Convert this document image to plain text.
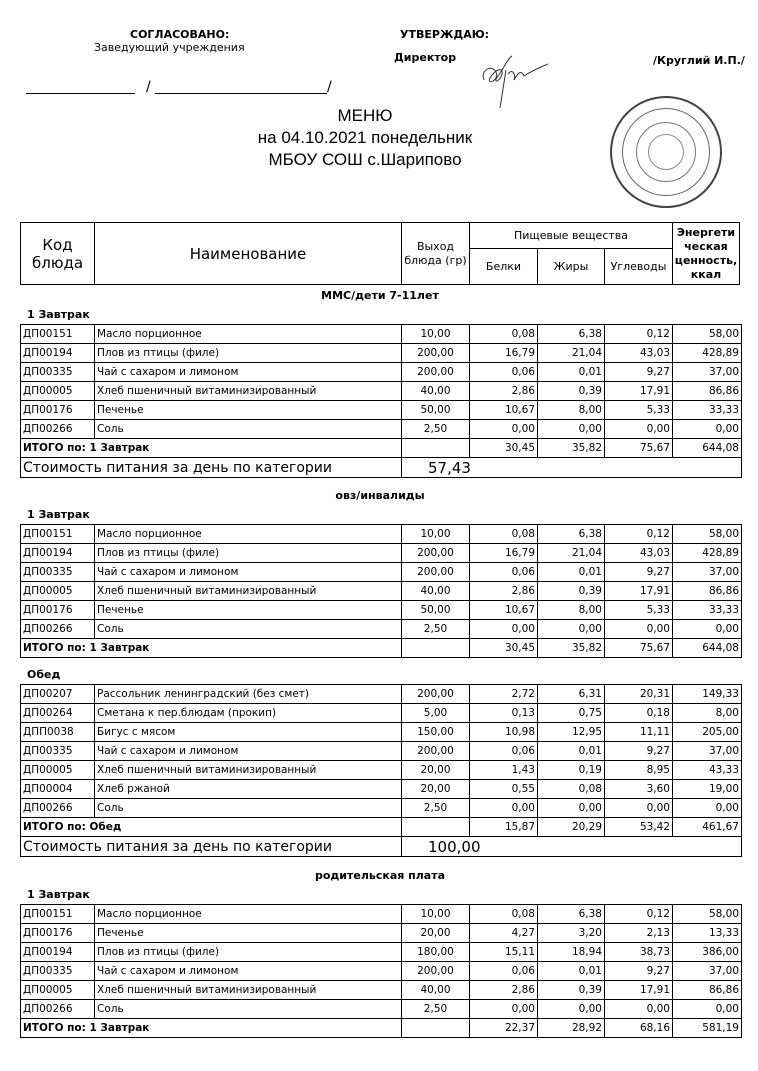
СОГЛАСОВАНО:
Заведующий учреждения
/	/
УТВЕРЖДАЮ:
Директор	/Круглий И.П./
МЕНЮ
на 04.10.2021 понедельник
МБОУ СОШ с.Шарипово
Код блюда	Наименование	Выход блюда (гр)
Пищевые вещества
Белки	Жиры	Углеводы
Энергети ческая ценность, ккал
ММС/дети 7-11лет
1 Завтрак
ДП00151	Масло порционное	10,00	0,08	6,38	0,12	58,00
ДП00194	Плов из птицы (филе)	200,00	16,79	21,04	43,03	428,89
ДП00335	Чай с сахаром и лимоном	200,00	0,06	0,01	9,27	37,00
ДП00005	Хлеб пшеничный витаминизированный	40,00	2,86	0,39	17,91	86,86
ДП00176	Печенье	50,00	10,67	8,00	5,33	33,33
ДП00266	Соль	2,50	0,00	0,00	0,00	0,00
ИТОГО по: 1 Завтрак			30,45	35,82	75,67	644,08
Стоимость питания за день по категории		57,43				
овз/инвалиды
1 Завтрак
ДП00151	Масло порционное	10,00	0,08	6,38	0,12	58,00
ДП00194	Плов из птицы (филе)	200,00	16,79	21,04	43,03	428,89
ДП00335	Чай с сахаром и лимоном	200,00	0,06	0,01	9,27	37,00
ДП00005	Хлеб пшеничный витаминизированный	40,00	2,86	0,39	17,91	86,86
ДП00176	Печенье	50,00	10,67	8,00	5,33	33,33
ДП00266	Соль	2,50	0,00	0,00	0,00	0,00
ИТОГО по: 1 Завтрак			30,45	35,82	75,67	644,08
Обед
ДП00207	Рассольник ленинградский (без смет)	200,00	2,72	6,31	20,31	149,33
ДП00264	Сметана к пер.блюдам (прокип)	5,00	0,13	0,75	0,18	8,00
ДПП0038	Бигус с мясом	150,00	10,98	12,95	11,11	205,00
ДП00335	Чай с сахаром и лимоном	200,00	0,06	0,01	9,27	37,00
ДП00005	Хлеб пшеничный витаминизированный	20,00	1,43	0,19	8,95	43,33
ДП00004	Хлеб ржаной	20,00	0,55	0,08	3,60	19,00
ДП00266	Соль	2,50	0,00	0,00	0,00	0,00
ИТОГО по: Обед			15,87	20,29	53,42	461,67
Стоимость питания за день по категории		100,00				
родительская плата
1 Завтрак
ДП00151	Масло порционное	10,00	0,08	6,38	0,12	58,00
ДП00176	Печенье	20,00	4,27	3,20	2,13	13,33
ДП00194	Плов из птицы (филе)	180,00	15,11	18,94	38,73	386,00
ДП00335	Чай с сахаром и лимоном	200,00	0,06	0,01	9,27	37,00
ДП00005	Хлеб пшеничный витаминизированный	40,00	2,86	0,39	17,91	86,86
ДП00266	Соль	2,50	0,00	0,00	0,00	0,00
ИТОГО по: 1 Завтрак			22,37	28,92	68,16	581,19
